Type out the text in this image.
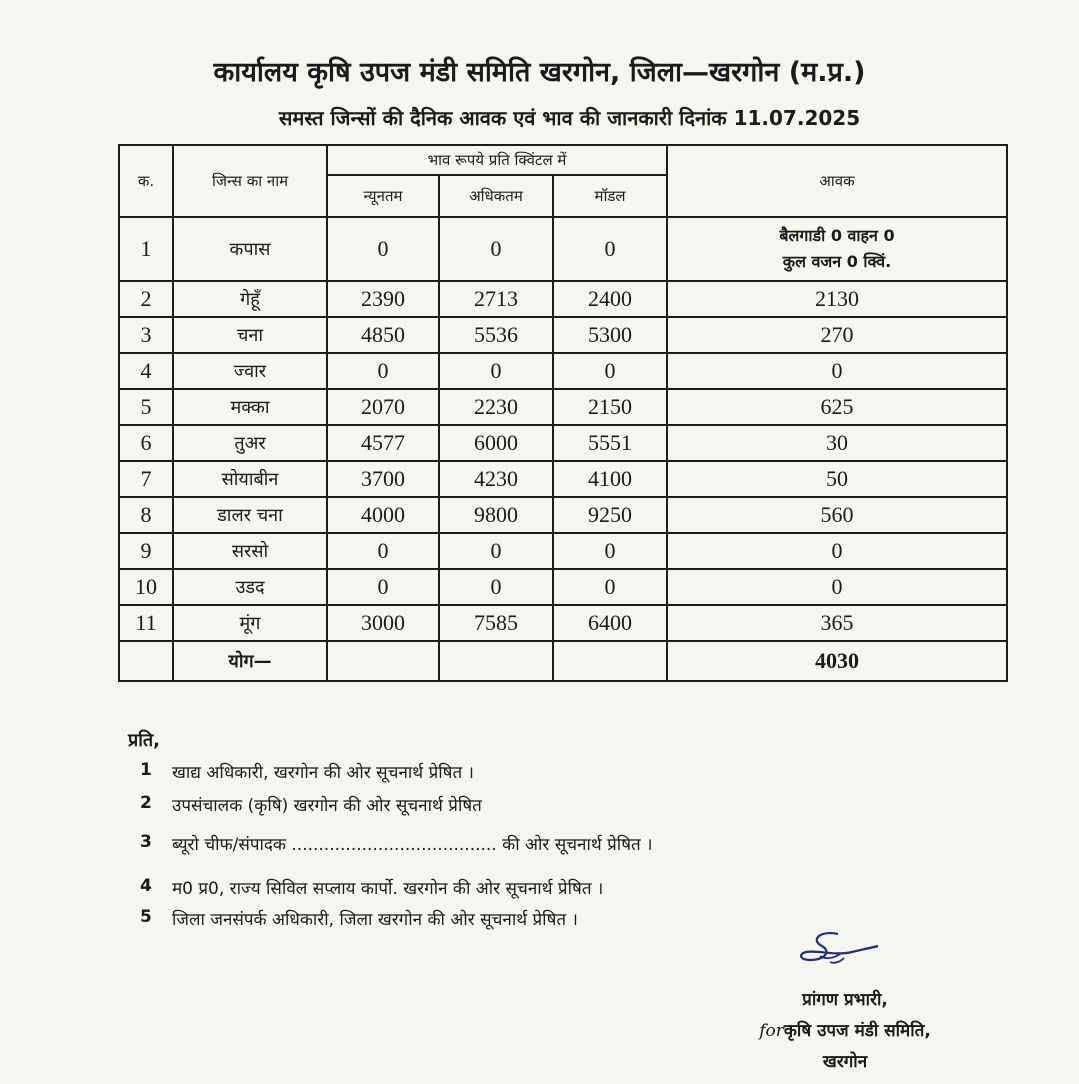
कार्यालय कृषि उपज मंडी समिति खरगोन, जिला—खरगोन (म.प्र.)
समस्त जिन्सों की दैनिक आवक एवं भाव की जानकारी दिनांक 11.07.2025
क.	जिन्स का नाम	भाव रूपये प्रति क्विंटल में			आवक
		न्यूनतम	अधिकतम	मॉडल	
1	कपास	0	0	0	बैलगाडी 0 वाहन 0
कुल वजन 0 क्विं.

2	गेहूँ	2390	2713	2400	2130
3	चना	4850	5536	5300	270
4	ज्वार	0	0	0	0
5	मक्का	2070	2230	2150	625
6	तुअर	4577	6000	5551	30
7	सोयाबीन	3700	4230	4100	50
8	डालर चना	4000	9800	9250	560
9	सरसो	0	0	0	0
10	उडद	0	0	0	0
11	मूंग	3000	7585	6400	365
	योग—				4030
प्रति,
1	खाद्य अधिकारी, खरगोन की ओर सूचनार्थ प्रेषित ।
2	उपसंचालक (कृषि) खरगोन की ओर सूचनार्थ प्रेषित
3	ब्यूरो चीफ/संपादक ...................................... की ओर सूचनार्थ प्रेषित ।
4	म0 प्र0, राज्य सिविल सप्लाय कार्पो. खरगोन की ओर सूचनार्थ प्रेषित ।
5	जिला जनसंपर्क अधिकारी, जिला खरगोन की ओर सूचनार्थ प्रेषित ।
प्रांगण प्रभारी,
forकृषि उपज मंडी समिति,
खरगोन
